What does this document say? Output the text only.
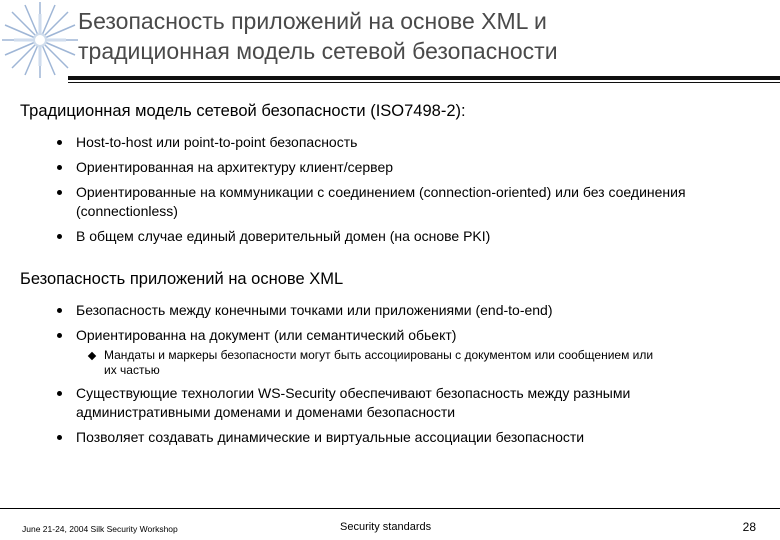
Безопасность приложений на основе XML и
традиционная модель сетевой безопасности

Традиционная модель сетевой безопасности (ISO7498-2):

Host-to-host или point-to-point безопасность
Ориентированная на архитектуру клиент/сервер
Ориентированные на коммуникации с соединением (connection-oriented) или без соединения (connectionless)
В общем случае единый доверительный домен (на основе PKI)

Безопасность приложений на основе XML

Безопасность между конечными точками или приложениями (end-to-end)
Ориентированна на документ (или семантический обьект)
Мандаты и маркеры безопасности могут быть ассоциированы с документом или сообщением или их частью
Существующие технологии WS-Security обеспечивают безопасность между разными административными доменами и доменами безопасности
Позволяет создавать динамические и виртуальные ассоциации безопасности
June 21-24, 2004 Silk Security Workshop	Security standards	28
